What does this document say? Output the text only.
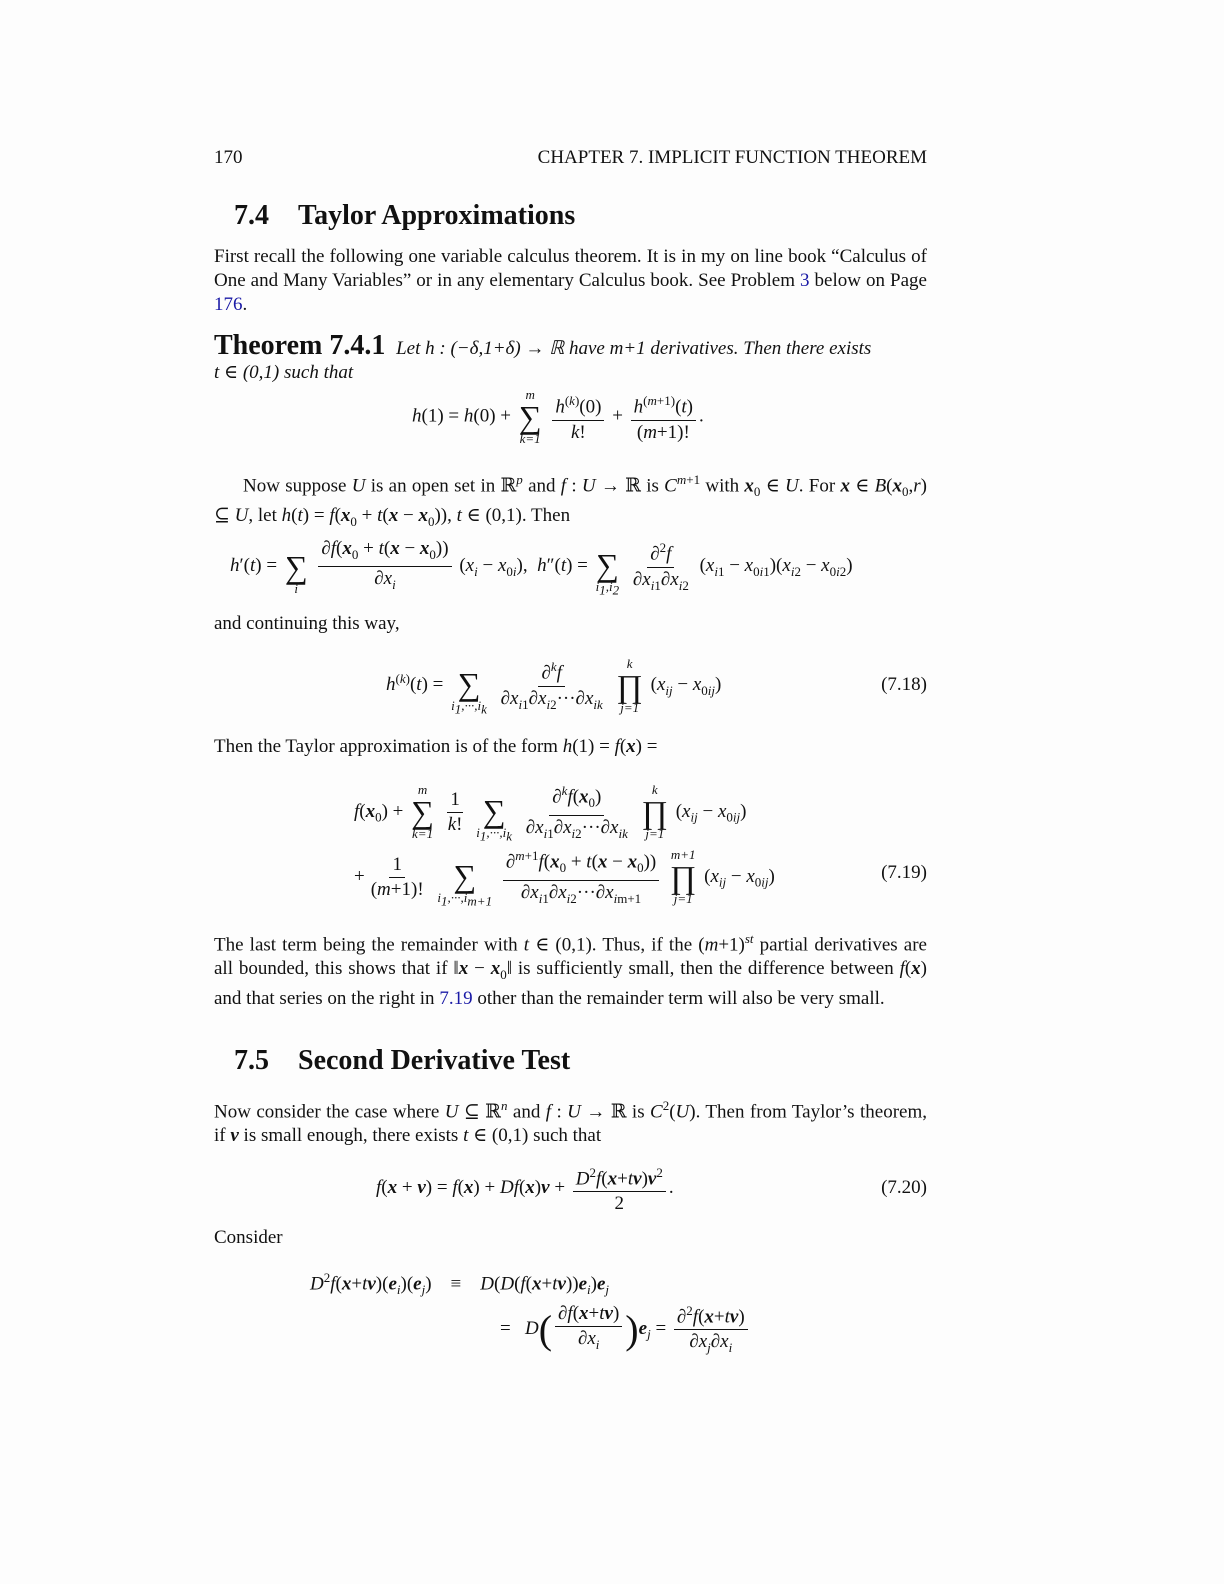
170	CHAPTER 7. IMPLICIT FUNCTION THEOREM
7.4 Taylor Approximations
First recall the following one variable calculus theorem. It is in my on line book “Calculus of One and Many Variables” or in any elementary Calculus book. See Problem 3 below on Page 176.
Theorem 7.4.1 Let h : (−δ,1+δ) → ℝ have m+1 derivatives. Then there exists
t ∈ (0,1) such that
h(1) = h(0) +
m
∑
k=1
$\frac{h^{(k)}(0)}{k!} + \frac{h^{(m+1)}(t)}{(m+1)!}$ .
Now suppose U is an open set in ℝ$^p$ and f : U → ℝ is $C^{m+1}$ with $x_0$ ∈ U. For x ∈ $B(x_0,r)$ ⊆ U, let $h(t) = f(x_0 + t(x - x_0))$, t ∈ (0,1). Then
h′(t) =
∑
i
$\frac{\partial f(x_0 + t(x - x_0))}{\partial x_i} (x_i - x_{0i})$,  h″(t) =
∑
$i_1,i_2$
$\frac{\partial^2f}{\partial x_{i1}\partial x_{i2}} (x_{i1} - x_{0i1})(x_{i2} - x_{0i2})$
and continuing this way,
$h^{(k)}(t)$ =
∑
$i_1,\cdot\cdot\cdot,i_k$
$\frac{\partial^kf}{\partial x_{i1}\partial x_{i2}\cdot\cdot\cdot\partial x_{ik}}$
k
∏
j=1
$(x_{ij} - x_{0ij})$	(7.18)
Then the Taylor approximation is of the form h(1) = f(x) =
$f(x_0)$ +
m
∑
k=1
$\frac{1}{k!}$

∑
$i_1,\cdot\cdot\cdot,i_k$
$\frac{\partial^kf(x_0)}{\partial x_{i1}\partial x_{i2}\cdot\cdot\cdot\partial x_{ik}}$
k
∏
j=1
$(x_{ij} - x_{0ij})$
+ $\frac{1}{(m+1)!}$

∑
$i_1,\cdot\cdot\cdot,i_{m+1}$
$\frac{\partial^{m+1}f(x_0 + t(x - x_0))}{\partial x_{i1}\partial x_{i2}\cdot\cdot\cdot\partial x_{im+1}}$
m+1
∏
j=1
$(x_{ij} - x_{0ij})$	(7.19)
The last term being the remainder with t ∈ (0,1). Thus, if the $(m+1)^{st}$ partial derivatives are all bounded, this shows that if ‖x − $x_0‖$ is sufficiently small, then the difference between f(x) and that series on the right in 7.19 other than the remainder term will also be very small.
7.5 Second Derivative Test
Now consider the case where U ⊆ ℝ$^n$ and f : U → ℝ is $C^2(U)$. Then from Taylor’s theorem, if v is small enough, there exists t ∈ (0,1) such that
$f(x + v) = f(x) + Df(x)v + \frac{D^2f(x+tv)v^2}{2}$ .	(7.20)
Consider
$D^2f(x+tv)(e_i)(e_j)$    ≡    $D(D(f(x+tv))e_i)e_j$
=   $D( \frac{\partial f(x+tv)}{\partial x_i} )e_j = \frac{\partial^2f(x+tv)}{\partial x_j\partial x_i}$
